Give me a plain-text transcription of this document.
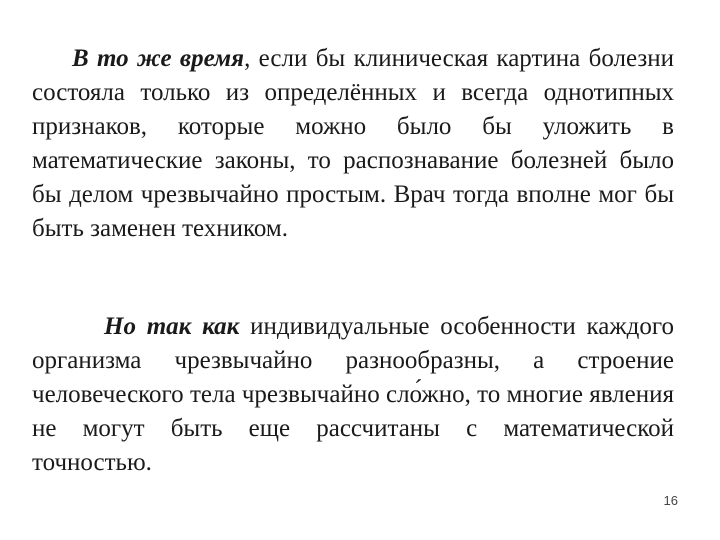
В то же время, если бы клиническая картина болезни состояла только из определённых и всегда однотипных признаков, которые можно было бы уложить в математические законы, то распознавание болезней было бы делом чрезвычайно простым. Врач тогда вполне мог бы быть заменен техником.

Но так как индивидуальные особенности каждого организма чрезвычайно разнообразны, а строение человеческого тела чрезвычайно сло́жно, то многие явления не могут быть еще рассчитаны с математической точностью.

16
